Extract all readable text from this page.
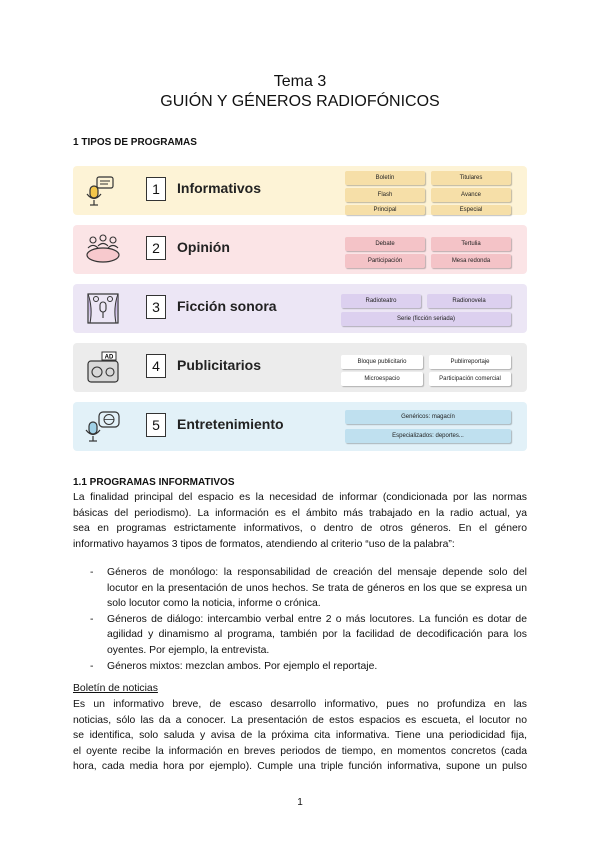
Tema 3
GUIÓN Y GÉNEROS RADIOFÓNICOS
1 TIPOS DE PROGRAMAS
1	Informativos
Boletín	Titulares
Flash	Avance
Principal	Especial
2	Opinión	Debate	Tertulia
Participación	Mesa redonda
3	Ficción sonora	Radioteatro	Radionovela
Serie (ficción seriada)
AD
4	Publicitarios	Bloque publicitario	Publirreportaje
Microespacio	Participación comercial
5	Entretenimiento	Genéricos: magacín
Especializados: deportes...
1.1 PROGRAMAS INFORMATIVOS
La finalidad principal del espacio es la necesidad de informar (condicionada por las normas
básicas del periodismo). La información es el ámbito más trabajado en la radio actual, ya
sea en programas estrictamente informativos, o dentro de otros géneros. En el género
informativo hayamos 3 tipos de formatos, atendiendo al criterio “uso de la palabra”:
- Géneros de monólogo: la responsabilidad de creación del mensaje depende solo del locutor en la presentación de unos hechos. Se trata de géneros en los que se expresa un solo locutor como la noticia, informe o crónica.
- Géneros de diálogo: intercambio verbal entre 2 o más locutores. La función es dotar de agilidad y dinamismo al programa, también por la facilidad de decodificación para los oyentes. Por ejemplo, la entrevista.
- Géneros mixtos: mezclan ambos. Por ejemplo el reportaje.
Boletín de noticias
Es un informativo breve, de escaso desarrollo informativo, pues no profundiza en las
noticias, sólo las da a conocer. La presentación de estos espacios es escueta, el locutor no
se identifica, solo saluda y avisa de la próxima cita informativa. Tiene una periodicidad fija,
el oyente recibe la información en breves periodos de tiempo, en momentos concretos (cada
hora, cada media hora por ejemplo). Cumple una triple función informativa, supone un pulso
1
